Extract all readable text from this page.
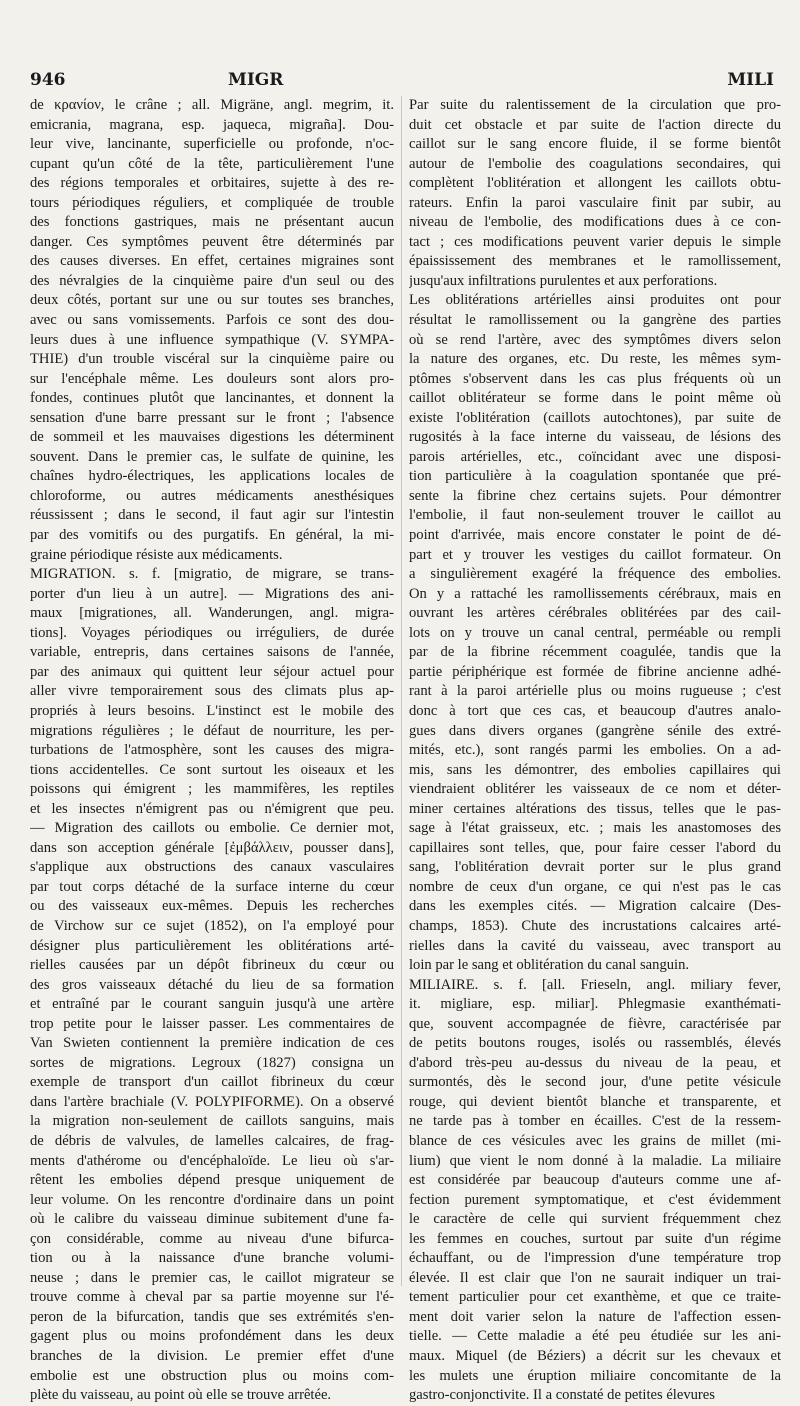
946	MIGR	MILI
de κρανίον, le crâne ; all. Migräne, angl. megrim, it.
emicrania, magrana, esp. jaqueca, migraña]. Dou-
leur vive, lancinante, superficielle ou profonde, n'oc-
cupant qu'un côté de la tête, particulièrement l'une
des régions temporales et orbitaires, sujette à des re-
tours périodiques réguliers, et compliquée de trouble
des fonctions gastriques, mais ne présentant aucun
danger. Ces symptômes peuvent être déterminés par
des causes diverses. En effet, certaines migraines sont
des névralgies de la cinquième paire d'un seul ou des
deux côtés, portant sur une ou sur toutes ses branches,
avec ou sans vomissements. Parfois ce sont des dou-
leurs dues à une influence sympathique (V. SYMPA-
THIE) d'un trouble viscéral sur la cinquième paire ou
sur l'encéphale même. Les douleurs sont alors pro-
fondes, continues plutôt que lancinantes, et donnent la
sensation d'une barre pressant sur le front ; l'absence
de sommeil et les mauvaises digestions les déterminent
souvent. Dans le premier cas, le sulfate de quinine, les
chaînes hydro-électriques, les applications locales de
chloroforme, ou autres médicaments anesthésiques
réussissent ; dans le second, il faut agir sur l'intestin
par des vomitifs ou des purgatifs. En général, la mi-
graine périodique résiste aux médicaments.
MIGRATION. s. f. [migratio, de migrare, se trans-
porter d'un lieu à un autre]. — Migrations des ani-
maux [migrationes, all. Wanderungen, angl. migra-
tions]. Voyages périodiques ou irréguliers, de durée
variable, entrepris, dans certaines saisons de l'année,
par des animaux qui quittent leur séjour actuel pour
aller vivre temporairement sous des climats plus ap-
propriés à leurs besoins. L'instinct est le mobile des
migrations régulières ; le défaut de nourriture, les per-
turbations de l'atmosphère, sont les causes des migra-
tions accidentelles. Ce sont surtout les oiseaux et les
poissons qui émigrent ; les mammifères, les reptiles
et les insectes n'émigrent pas ou n'émigrent que peu.
— Migration des caillots ou embolie. Ce dernier mot,
dans son acception générale [ἐμβάλλειν, pousser dans],
s'applique aux obstructions des canaux vasculaires
par tout corps détaché de la surface interne du cœur
ou des vaisseaux eux-mêmes. Depuis les recherches
de Virchow sur ce sujet (1852), on l'a employé pour
désigner plus particulièrement les oblitérations arté-
rielles causées par un dépôt fibrineux du cœur ou
des gros vaisseaux détaché du lieu de sa formation
et entraîné par le courant sanguin jusqu'à une artère
trop petite pour le laisser passer. Les commentaires de
Van Swieten contiennent la première indication de ces
sortes de migrations. Legroux (1827) consigna un
exemple de transport d'un caillot fibrineux du cœur
dans l'artère brachiale (V. POLYPIFORME). On a observé
la migration non-seulement de caillots sanguins, mais
de débris de valvules, de lamelles calcaires, de frag-
ments d'athérome ou d'encéphaloïde. Le lieu où s'ar-
rêtent les embolies dépend presque uniquement de
leur volume. On les rencontre d'ordinaire dans un point
où le calibre du vaisseau diminue subitement d'une fa-
çon considérable, comme au niveau d'une bifurca-
tion ou à la naissance d'une branche volumi-
neuse ; dans le premier cas, le caillot migrateur se
trouve comme à cheval par sa partie moyenne sur l'é-
peron de la bifurcation, tandis que ses extrémités s'en-
gagent plus ou moins profondément dans les deux
branches de la division. Le premier effet d'une
embolie est une obstruction plus ou moins com-
plète du vaisseau, au point où elle se trouve arrêtée.
Par suite du ralentissement de la circulation que pro-
duit cet obstacle et par suite de l'action directe du
caillot sur le sang encore fluide, il se forme bientôt
autour de l'embolie des coagulations secondaires, qui
complètent l'oblitération et allongent les caillots obtu-
rateurs. Enfin la paroi vasculaire finit par subir, au
niveau de l'embolie, des modifications dues à ce con-
tact ; ces modifications peuvent varier depuis le simple
épaississement des membranes et le ramollissement,
jusqu'aux infiltrations purulentes et aux perforations.
Les oblitérations artérielles ainsi produites ont pour
résultat le ramollissement ou la gangrène des parties
où se rend l'artère, avec des symptômes divers selon
la nature des organes, etc. Du reste, les mêmes sym-
ptômes s'observent dans les cas plus fréquents où un
caillot oblitérateur se forme dans le point même où
existe l'oblitération (caillots autochtones), par suite de
rugosités à la face interne du vaisseau, de lésions des
parois artérielles, etc., coïncidant avec une disposi-
tion particulière à la coagulation spontanée que pré-
sente la fibrine chez certains sujets. Pour démontrer
l'embolie, il faut non-seulement trouver le caillot au
point d'arrivée, mais encore constater le point de dé-
part et y trouver les vestiges du caillot formateur. On
a singulièrement exagéré la fréquence des embolies.
On y a rattaché les ramollissements cérébraux, mais en
ouvrant les artères cérébrales oblitérées par des cail-
lots on y trouve un canal central, perméable ou rempli
par de la fibrine récemment coagulée, tandis que la
partie périphérique est formée de fibrine ancienne adhé-
rant à la paroi artérielle plus ou moins rugueuse ; c'est
donc à tort que ces cas, et beaucoup d'autres analo-
gues dans divers organes (gangrène sénile des extré-
mités, etc.), sont rangés parmi les embolies. On a ad-
mis, sans les démontrer, des embolies capillaires qui
viendraient oblitérer les vaisseaux de ce nom et déter-
miner certaines altérations des tissus, telles que le pas-
sage à l'état graisseux, etc. ; mais les anastomoses des
capillaires sont telles, que, pour faire cesser l'abord du
sang, l'oblitération devrait porter sur le plus grand
nombre de ceux d'un organe, ce qui n'est pas le cas
dans les exemples cités. — Migration calcaire (Des-
champs, 1853). Chute des incrustations calcaires arté-
rielles dans la cavité du vaisseau, avec transport au
loin par le sang et oblitération du canal sanguin.
MILIAIRE. s. f. [all. Frieseln, angl. miliary fever,
it. migliare, esp. miliar]. Phlegmasie exanthémati-
que, souvent accompagnée de fièvre, caractérisée par
de petits boutons rouges, isolés ou rassemblés, élevés
d'abord très-peu au-dessus du niveau de la peau, et
surmontés, dès le second jour, d'une petite vésicule
rouge, qui devient bientôt blanche et transparente, et
ne tarde pas à tomber en écailles. C'est de la ressem-
blance de ces vésicules avec les grains de millet (mi-
lium) que vient le nom donné à la maladie. La miliaire
est considérée par beaucoup d'auteurs comme une af-
fection purement symptomatique, et c'est évidemment
le caractère de celle qui survient fréquemment chez
les femmes en couches, surtout par suite d'un régime
échauffant, ou de l'impression d'une température trop
élevée. Il est clair que l'on ne saurait indiquer un trai-
tement particulier pour cet exanthème, et que ce traite-
ment doit varier selon la nature de l'affection essen-
tielle. — Cette maladie a été peu étudiée sur les ani-
maux. Miquel (de Béziers) a décrit sur les chevaux et
les mulets une éruption miliaire concomitante de la
gastro-conjonctivite. Il a constaté de petites élevures
